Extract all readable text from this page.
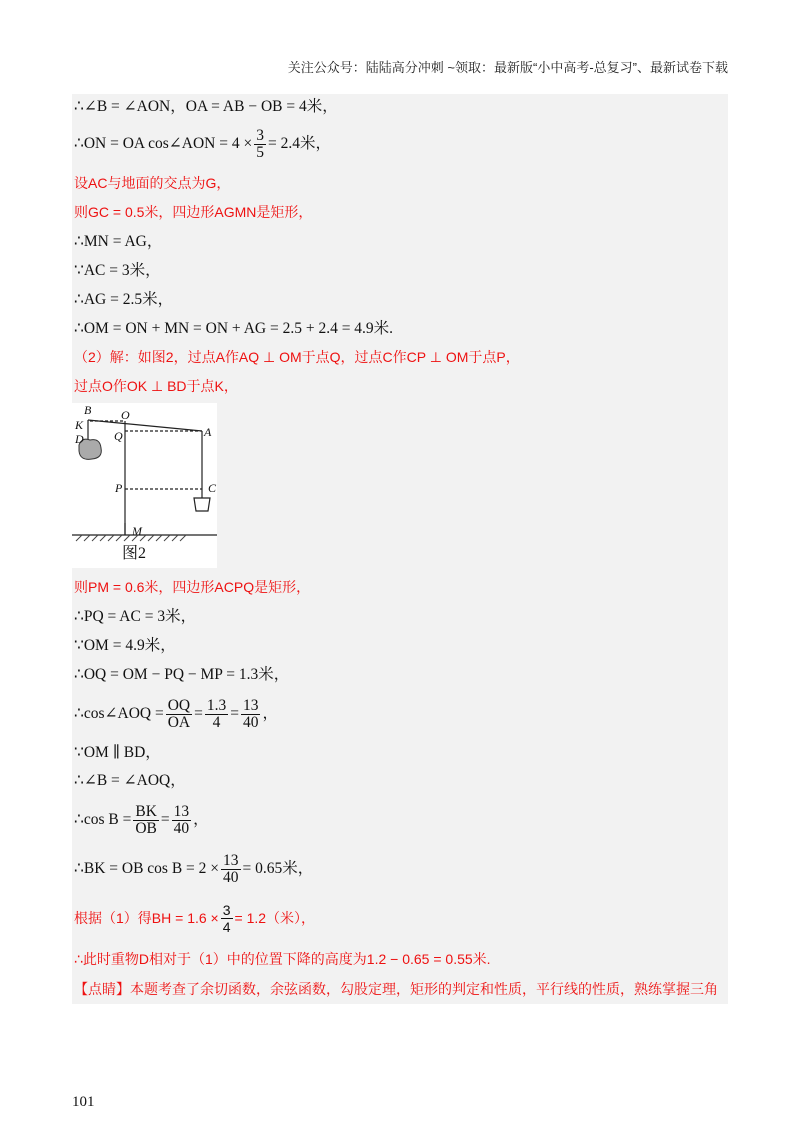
关注公众号：陆陆高分冲刺 ~领取：最新版“小中高考-总复习”、最新试卷下载
∴∠B = ∠AON，OA = AB − OB = 4米，
∴ON = OA cos∠AON = $4 \times \frac{3}{5} = 2.4$米，
设AC与地面的交点为G，
则GC = 0.5米，四边形AGMN是矩形，
∴MN = AG，
∵AC = 3米，
∴AG = 2.5米，
∴OM = ON + MN = ON + AG = 2.5 + 2.4 = 4.9米.
（2）解：如图2，过点A作AQ ⊥ OM于点Q，过点C作CP ⊥ OM于点P，
过点O作OK ⊥ BD于点K，
B O
K
Q
D	A
P	C
M
图2
则PM = 0.6米，四边形ACPQ是矩形，
∴PQ = AC = 3米，
∵OM = 4.9米，
∴OQ = OM − PQ − MP = 1.3米，
∴cos∠AOQ = $\frac{OQ}{OA} = \frac{1.3}{4} = \frac{13}{40}$ ，
∵OM ∥ BD，
∴∠B = ∠AOQ，
∴cos $B = \frac{BK}{OB} = \frac{13}{40}$ ，
∴BK = OB $\cos B = 2 \times \frac{13}{40} = 0.65$米，
根据（1）得BH = $1.6 \times \frac{3}{4} = 1.2$（米），
∴此时重物D相对于（1）中的位置下降的高度为1.2 − 0.65 = 0.55米.
【点睛】本题考查了余切函数，余弦函数，勾股定理，矩形的判定和性质，平行线的性质，熟练掌握三角
101
